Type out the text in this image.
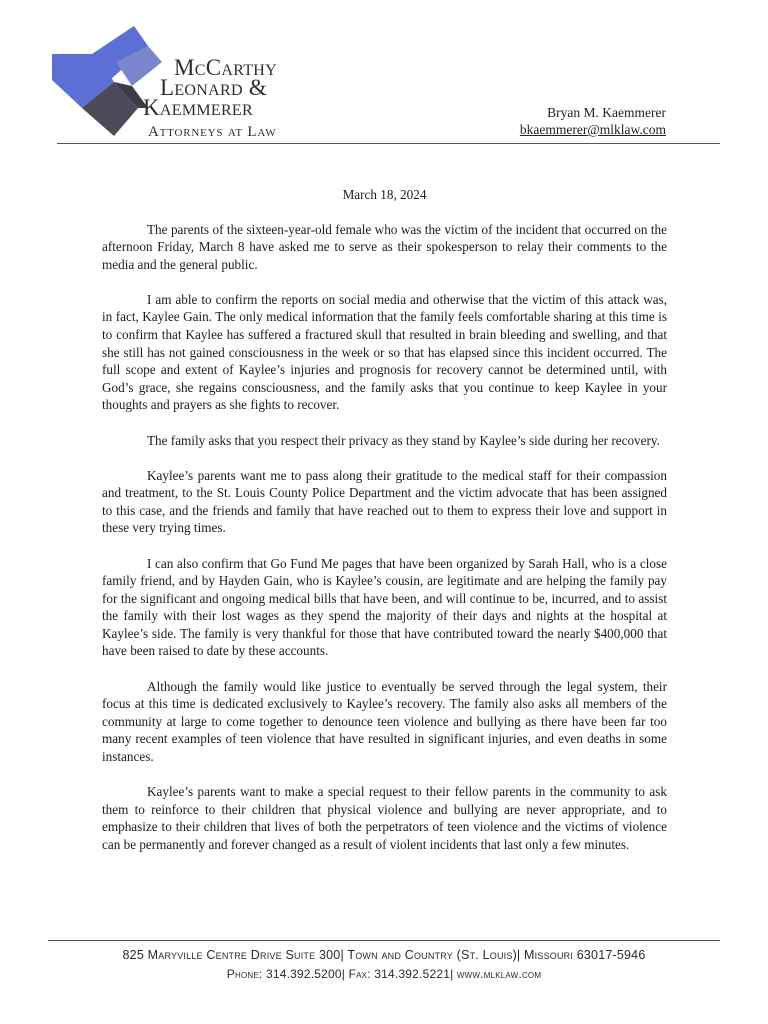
McCarthy
Leonard &
Kaemmerer
Attorneys at Law
Bryan M. Kaemmerer
bkaemmerer@mlklaw.com
March 18, 2024

The parents of the sixteen-year-old female who was the victim of the incident that occurred on the afternoon Friday, March 8 have asked me to serve as their spokesperson to relay their comments to the media and the general public.

I am able to confirm the reports on social media and otherwise that the victim of this attack was, in fact, Kaylee Gain. The only medical information that the family feels comfortable sharing at this time is to confirm that Kaylee has suffered a fractured skull that resulted in brain bleeding and swelling, and that she still has not gained consciousness in the week or so that has elapsed since this incident occurred. The full scope and extent of Kaylee’s injuries and prognosis for recovery cannot be determined until, with God’s grace, she regains consciousness, and the family asks that you continue to keep Kaylee in your thoughts and prayers as she fights to recover.

The family asks that you respect their privacy as they stand by Kaylee’s side during her recovery.

Kaylee’s parents want me to pass along their gratitude to the medical staff for their compassion and treatment, to the St. Louis County Police Department and the victim advocate that has been assigned to this case, and the friends and family that have reached out to them to express their love and support in these very trying times.

I can also confirm that Go Fund Me pages that have been organized by Sarah Hall, who is a close family friend, and by Hayden Gain, who is Kaylee’s cousin, are legitimate and are helping the family pay for the significant and ongoing medical bills that have been, and will continue to be, incurred, and to assist the family with their lost wages as they spend the majority of their days and nights at the hospital at Kaylee’s side. The family is very thankful for those that have contributed toward the nearly $400,000 that have been raised to date by these accounts.

Although the family would like justice to eventually be served through the legal system, their focus at this time is dedicated exclusively to Kaylee’s recovery. The family also asks all members of the community at large to come together to denounce teen violence and bullying as there have been far too many recent examples of teen violence that have resulted in significant injuries, and even deaths in some instances.

Kaylee’s parents want to make a special request to their fellow parents in the community to ask them to reinforce to their children that physical violence and bullying are never appropriate, and to emphasize to their children that lives of both the perpetrators of teen violence and the victims of violence can be permanently and forever changed as a result of violent incidents that last only a few minutes.

825 Maryville Centre Drive Suite 300| Town and Country (St. Louis)| Missouri 63017-5946
Phone: 314.392.5200| Fax: 314.392.5221| www.mlklaw.com
